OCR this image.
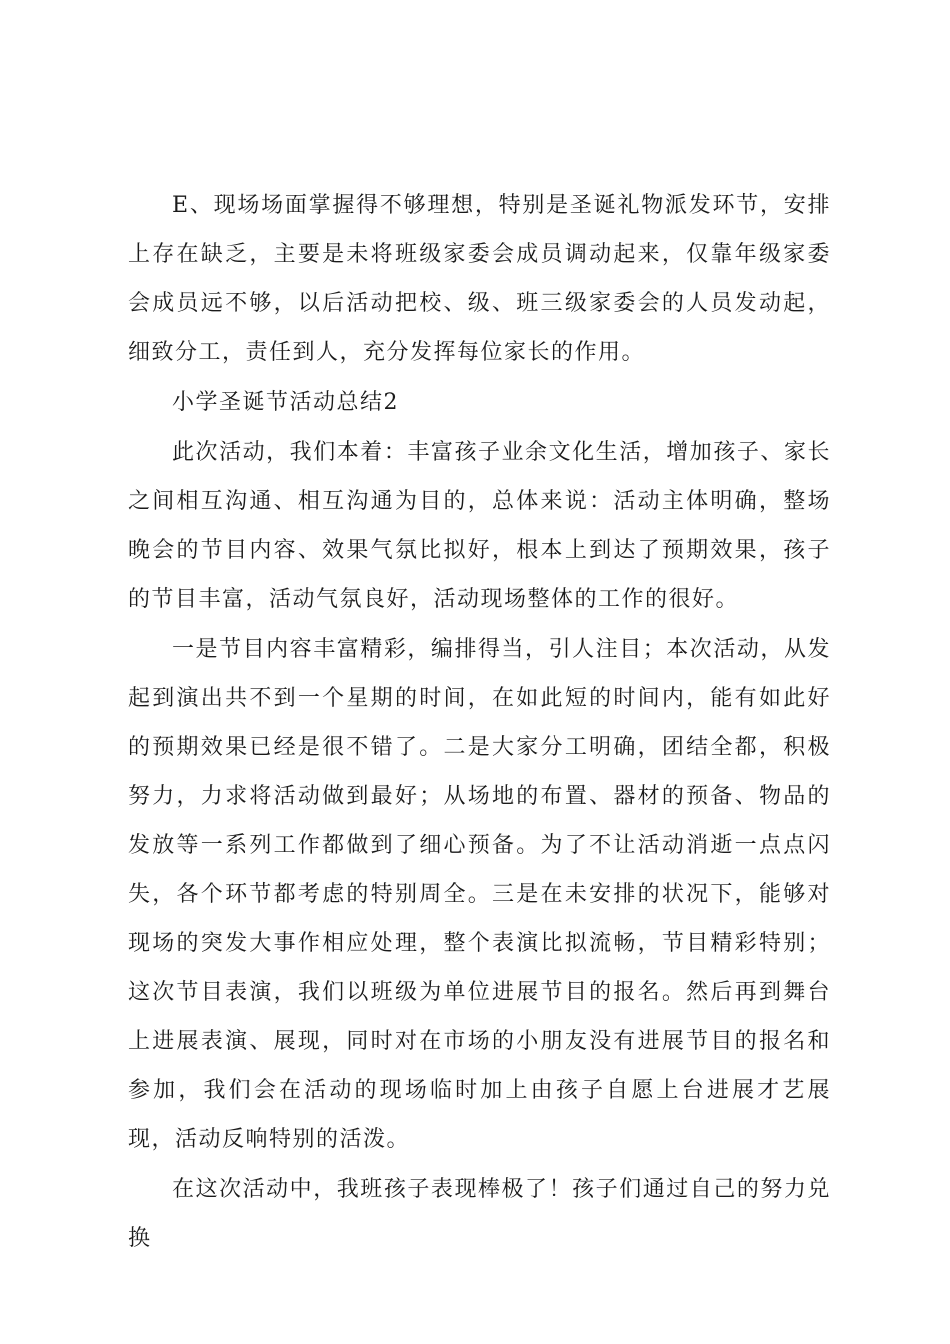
E、现场场面掌握得不够理想，特别是圣诞礼物派发环节，安排上存在缺乏，主要是未将班级家委会成员调动起来，仅靠年级家委会成员远不够，以后活动把校、级、班三级家委会的人员发动起，细致分工，责任到人，充分发挥每位家长的作用。

小学圣诞节活动总结2

此次活动，我们本着：丰富孩子业余文化生活，增加孩子、家长之间相互沟通、相互沟通为目的，总体来说：活动主体明确，整场晚会的节目内容、效果气氛比拟好，根本上到达了预期效果，孩子的节目丰富，活动气氛良好，活动现场整体的工作的很好。

一是节目内容丰富精彩，编排得当，引人注目；本次活动，从发起到演出共不到一个星期的时间，在如此短的时间内，能有如此好的预期效果已经是很不错了。二是大家分工明确，团结全都，积极努力，力求将活动做到最好；从场地的布置、器材的预备、物品的发放等一系列工作都做到了细心预备。为了不让活动消逝一点点闪失，各个环节都考虑的特别周全。三是在未安排的状况下，能够对现场的突发大事作相应处理，整个表演比拟流畅，节目精彩特别；这次节目表演，我们以班级为单位进展节目的报名。然后再到舞台上进展表演、展现，同时对在市场的小朋友没有进展节目的报名和参加，我们会在活动的现场临时加上由孩子自愿上台进展才艺展现，活动反响特别的活泼。

在这次活动中，我班孩子表现棒极了！孩子们通过自己的努力兑换
